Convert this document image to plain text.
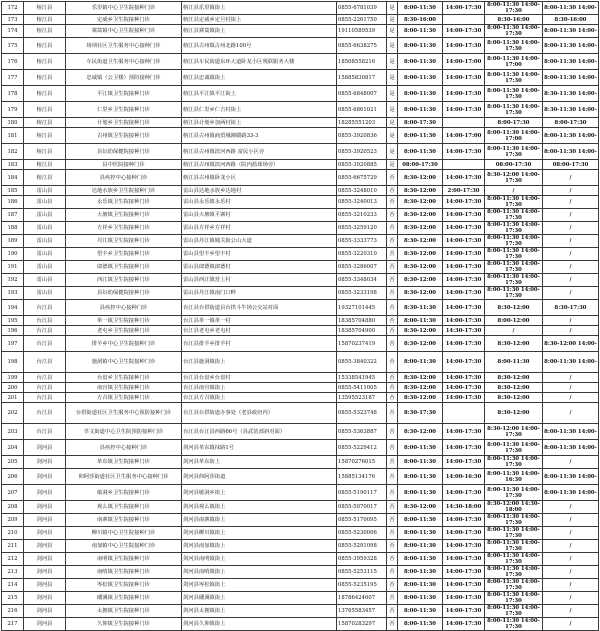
172	榕江县	乐里镇中心卫生院接种门诊	榕江县乐里镇街上	0855-6781039	是	8:00-11:30	14:00-17:30	8:00-11:30 14:00-17:30	8:00-11:30 14:00-
173	榕江县	定威乡卫生院接种门诊	榕江县定威乡定旦村街上	0855-2261750	是	8:30-16:00		8:30-16:00	8:30-16:00
174	榕江县	寨蒿镇中心卫生院接种门诊	榕江县寨蒿镇街上	19110589539	是	8:00-11:30	14:00-17:30	8:00-11:30 14:00-17:30	8:00-11:30 14:00-
175	榕江县	场坝社区卫生服务中心接种门诊	榕江县古州镇古州北路100号	0855-6638275	是	8:00-11:30	14:00-17:30	8:00-11:30 14:00-17:30	8:00-11:30 14:00-
176	榕江县	车民街道卫生服务中心接种门诊	榕江县车民街道东环大道卧龙小区残联服务大楼	18508558216	是	8:00-11:30	14:00-17:00	8:00-11:30 14:00-17:00	8:00-11:30 14:00-
177	榕江县	忠诚镇（公卫楼）预防接种门诊	榕江县忠诚镇街上	15885830817	是	8:00-11:30	14:00-17:30	8:00-11:30 14:00-17:30	8:00-11:30 14:00-
178	榕江县	平江镇卫生院接种门诊	榕江县平江镇平江街上	0855-6848007	是	8:00-11:30	14:00-17:30	8:00-11:30 14:00-17:30	8:30-11:30 14:00-
179	榕江县	仁里乡卫生院接种门诊	榕江县仁里乡仁吉村街上	0855-6861021	是	8:00-11:30	14:00-17:30	8:00-11:30 14:00-17:30	8:30-11:30 14:00-
180	榕江县	计划乡卫生院接种门诊	榕江县计划乡加两村街上	18285551203	是	8:00-17:30		8:00-17:30	8:00-17:30
181	榕江县	古州镇卫生院接种门诊	榕江县古州镇商贸城湘赣路33-3	0855-3920836	是	8:00-11:30	14:00-17:00	8:00-11:30 14:00-17:00	8:00-11:30 14:00-
182	榕江县	县妇幼保健院接种门诊	榕江县古州镇滨河西路 富民小区旁	0855-3920523	是	8:00-11:30	14:00-17:30	8:00-11:30 14:00-17:30	8:00-11:30 14:00-
183	榕江县	县中医院接种门诊	榕江县古州镇滨河西路（院内篮球场旁）	0855-3920885	是	08:00-17:30		08:00-17:30	08:00-17:30
184	榕江县	县疾控中心接种门诊	榕江县古州镇卧龙小区	0855-6675729	否	8:30-12:00	14:00-17:30	8:30-12:00 14:00-17:30	/
185	雷山县	达地水族乡卫生院接种门诊	雷山县达地水族乡达地村	0855-3248010	否	8:30-12:00	2:00-17:30	/	/
186	雷山县	永乐镇卫生院接种门诊	雷山县永乐镇永乐村	0855-3240013	否	8:30-12:00	14:00-17:30	8:00-11:30 14:00-17:30	/
187	雷山县	大塘镇卫生院接种门诊	雷山县大塘镇平寨村	0855-3210233	否	8:30-12:00	14:00-17:30	8:00-11:30 14:00-17:30	/
188	雷山县	方祥乡卫生院接种门诊	雷山县方祥乡方祥村	0855-3259120	否	8:30-12:00	14:00-17:30	8:00-11:30 14:00-17:30	/
189	雷山县	丹江镇卫生院接种门诊	雷山县丹江镇城关街公山大道	0855-3333773	否	8:30-12:00	14:00-17:30	8:00-11:30 14:00-17:30	/
190	雷山县	望丰乡卫生院接种门诊	雷山县望丰乡望丰村	0855-3220310	否	8:30-12:00	14:00-17:30	8:00-11:30 14:00-17:30	/
191	雷山县	郎德镇卫生院接种门诊	雷山县郎德镇郎德村	0855-3286007	否	8:30-12:00	14:00-17:30	8:00-11:30 14:00-17:30	/
192	雷山县	西江镇卫生院接种门诊	雷山县西江镇营上村	0855-3348034	否	8:30-12:00	14:00-17:30	8:00-11:30 14:00-17:30	/
193	雷山县	县妇幼保健院接种门诊	雷山县丹江镇南门口畔	0855-3233198	否	8:30-12:00	14:00-17:30	8:00-11:30 14:00-17:30	/
194	台江县	县疾控中心接种门诊	台江县台拱街道县台拱斗牛场公交站对面	19327101445	否	8:30-11:30	14:00-17:30	8:30-12:00	8:30-17:30
195	台江县	革一镇卫生院接种门诊	台江县革一镇革一村	18385704880	否	8:00-11:30	14:00-17:30	8:00-12:00	/
196	台江县	老屯乡卫生院接种门诊	台江县老屯乡老屯村	18385704900	否	8:30-12:00	14:30-17:30	/	/
197	台江县	排羊乡中心卫生院接种门诊	台江县排羊乡排羊村	15870237419	否	8:30-12:00	14:00-17:30	8:30-12:00	8:30-12:00 14:00-
198	台江县	施洞镇中心卫生院接种门诊	台江县施洞镇街上	0855-3840322	否	8:00-11:30	14:00-17:30	8:00-11:30	8:00-11:30 14:00-
199	台江县	台盘乡卫生院接种门诊	台江县台盘乡台盘村	15338541945	否	8:30-12:00	14:00-17:30	8:30-12:00	/
200	台江县	南宫镇卫生院接种门诊	台江县南宫镇街上	0855-5411005	否	8:30-12:00	14:00-17:30	8:30-12:00	/
201	台江县	方召镇卫生院接种门诊	台江县方召镇街上	13595523187	否	8:30-12:00	14:00-17:30	8:30-12:00	/
202	台江县	台拱街道社区卫生服务中心预防接种门诊	台江县台拱街道办事处（老县政府内）	0855-5323748	否	8:30-17:30		8:30-12:00	/
203	台江县	萃文街道中心卫生院预防接种门诊	台江县台江县西路66号（县武装部斜对面）	0855-5363887	否	8:30-12:00	14:00-17:30	8:30-12:00 14:00-17:30	8:00-11:30 14:00-
204	剑河县	县疾控中心接种门诊	剑河县革东镇抹路1号	0855-5229412	否	8:00-11:30	14:00-17:30	8:00-11:30 14:00-17:30	8:00-11:30 14:00-
205	剑河县	革东镇卫生院接种门诊	剑河县革东街上	15870276015	否	8:00-11:30	14:00-17:30	8:00-11:30 14:00-17:30	/
206	剑河县	仰阿莎街道社区卫生服务中心接种门诊	剑河县仰阿莎街道	15885134176	否	8:00-11:30	14:00-16:30	8:00-11:30 14:00-16:30	8:00-11:30 14:00-
207	剑河县	敏洞乡卫生院接种门诊	剑河县敏洞乡街上	0855-5190117	否	8:00-11:30	14:00-17:30	8:00-11:30 14:00-17:30	8:00-11:30 14:00-
208	剑河县	观么镇卫生院接种门诊	剑河县观么镇街上	0855-5070017	否	8:30-12:00	14:30-18:00	8:30-12:00 14:30-18:00	/
209	剑河县	南寨镇卫生院接种门诊	剑河县南寨镇街上	0855-5170095	否	8:00-11:30	14:00-17:30	8:00-11:30 14:00-17:30	/
210	剑河县	柳川镇中心卫生院接种门诊	剑河县柳川镇街上	0855-5230006	否	8:00-11:30	14:00-17:30	8:00-11:30 14:00-17:30	/
211	剑河县	南加镇中心卫生院接种门诊	剑河县南加镇街上	0855-5291098	否	8:00-11:30	14:00-17:30	8:00-11:30 14:00-17:30	/
212	剑河县	南明镇卫生院接种门诊	剑河县南明镇街上	0855-3959328	否	8:00-11:30	14:00-17:30	8:00-11:30 14:00-17:30	/
213	剑河县	南哨镇卫生院接种门诊	剑河县南哨镇街上	0855-5253115	否	8:00-11:30	14:00-17:30	8:00-11:30 14:00-17:30	/
214	剑河县	岑松镇卫生院接种门诊	剑河县岑松镇街上	0855-5235195	否	8:00-11:30	14:00-17:30	8:00-11:30 14:00-17:30	/
215	剑河县	磻溪镇卫生院接种门诊	剑河县磻溪镇街上	18786424607	否	8:00-11:30	14:00-17:30	8:00-11:30 14:00-17:30	/
216	剑河县	太拥镇卫生院接种门诊	剑河县太拥镇街上	13765583457	否	8:00-11:30	14:00-17:30	8:00-11:30 14:00-17:30	/
217	剑河县	久仰镇卫生院接种门诊	剑河县久仰镇街上	15870283297	否	8:00-11:30	14:00-17:30	8:00-11:30 14:00-17:30	/
